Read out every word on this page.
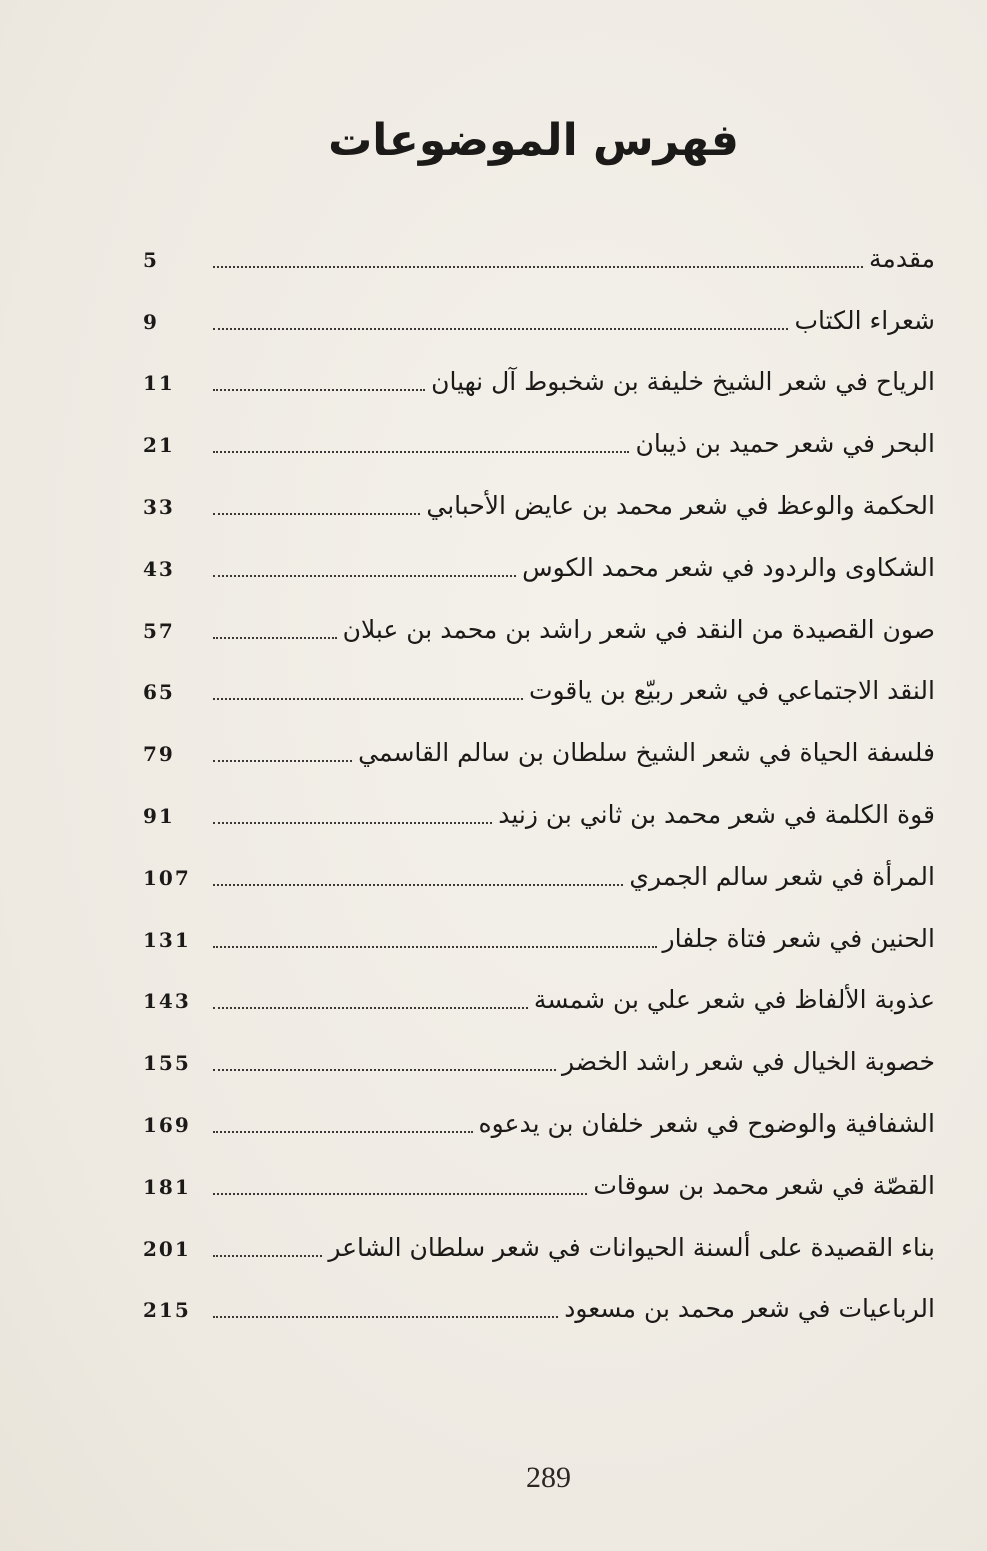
فهرس الموضوعات
مقدمة
5
شعراء الكتاب
9
الرياح في شعر الشيخ خليفة بن شخبوط آل نهيان
11
البحر في شعر حميد بن ذيبان
21
الحكمة والوعظ في شعر محمد بن عايض الأحبابي
33
الشكاوى والردود في شعر محمد الكوس
43
صون القصيدة من النقد في شعر راشد بن محمد بن عبلان
57
النقد الاجتماعي في شعر ربيّع بن ياقوت
65
فلسفة الحياة في شعر الشيخ سلطان بن سالم القاسمي
79
قوة الكلمة في شعر محمد بن ثاني بن زنيد
91
المرأة في شعر سالم الجمري
107
الحنين في شعر فتاة جلفار
131
عذوبة الألفاظ في شعر علي بن شمسة
143
خصوبة الخيال في شعر راشد الخضر
155
الشفافية والوضوح في شعر خلفان بن يدعوه
169
القصّة في شعر محمد بن سوقات
181
بناء القصيدة على ألسنة الحيوانات في شعر سلطان الشاعر
201
الرباعيات في شعر محمد بن مسعود
215
289
